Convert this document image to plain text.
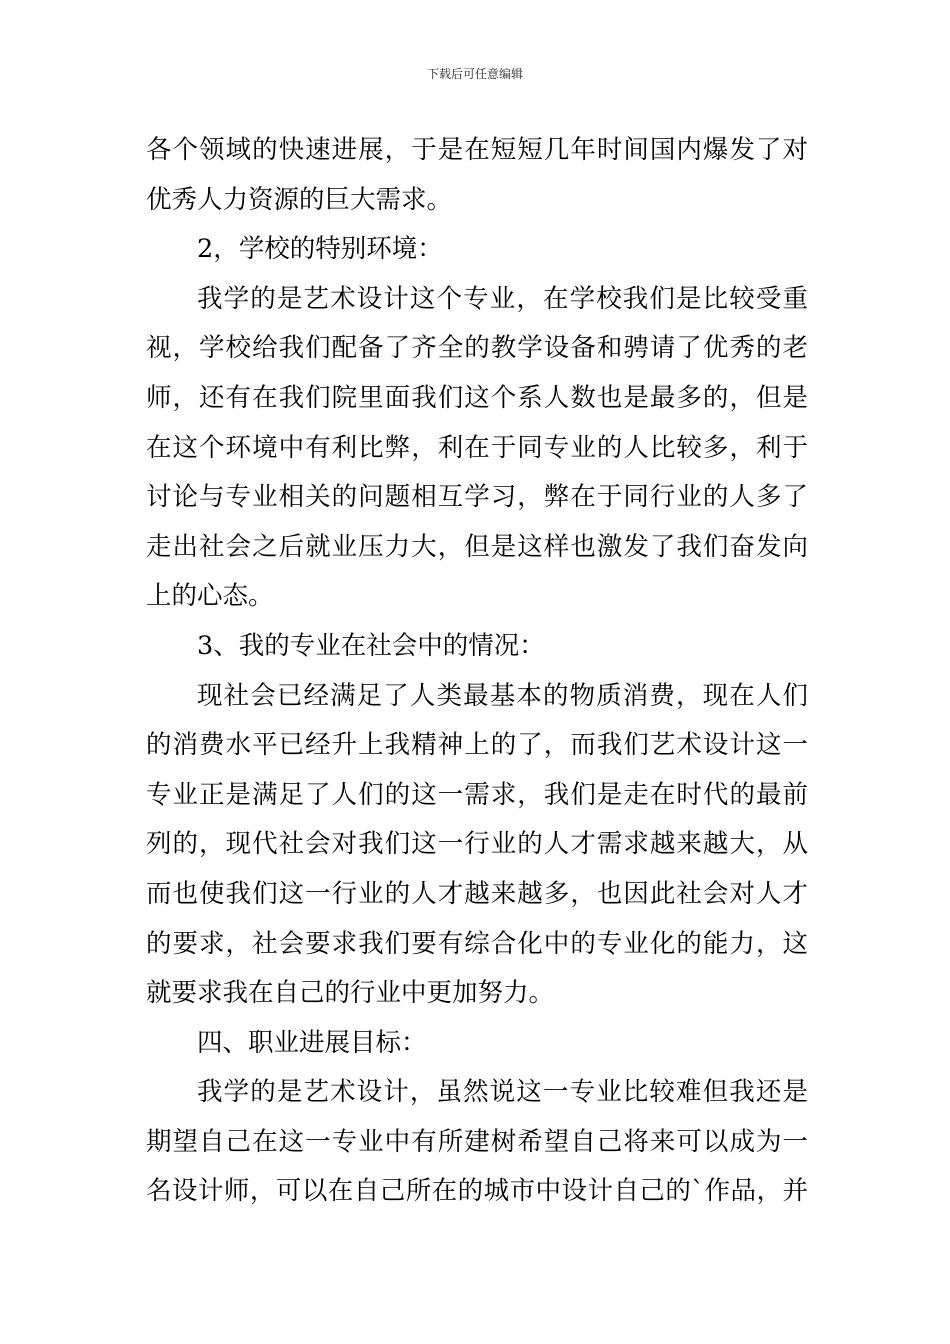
下载后可任意编辑
各个领域的快速进展，于是在短短几年时间国内爆发了对
优秀人力资源的巨大需求。
2，学校的特别环境：
我学的是艺术设计这个专业，在学校我们是比较受重
视，学校给我们配备了齐全的教学设备和骋请了优秀的老
师，还有在我们院里面我们这个系人数也是最多的，但是
在这个环境中有利比弊，利在于同专业的人比较多，利于
讨论与专业相关的问题相互学习，弊在于同行业的人多了
走出社会之后就业压力大，但是这样也激发了我们奋发向
上的心态。
3、我的专业在社会中的情况：
现社会已经满足了人类最基本的物质消费，现在人们
的消费水平已经升上我精神上的了，而我们艺术设计这一
专业正是满足了人们的这一需求，我们是走在时代的最前
列的，现代社会对我们这一行业的人才需求越来越大，从
而也使我们这一行业的人才越来越多，也因此社会对人才
的要求，社会要求我们要有综合化中的专业化的能力，这
就要求我在自己的行业中更加努力。
四、职业进展目标：
我学的是艺术设计，虽然说这一专业比较难但我还是
期望自己在这一专业中有所建树希望自己将来可以成为一
名设计师，可以在自己所在的城市中设计自己的`作品，并
